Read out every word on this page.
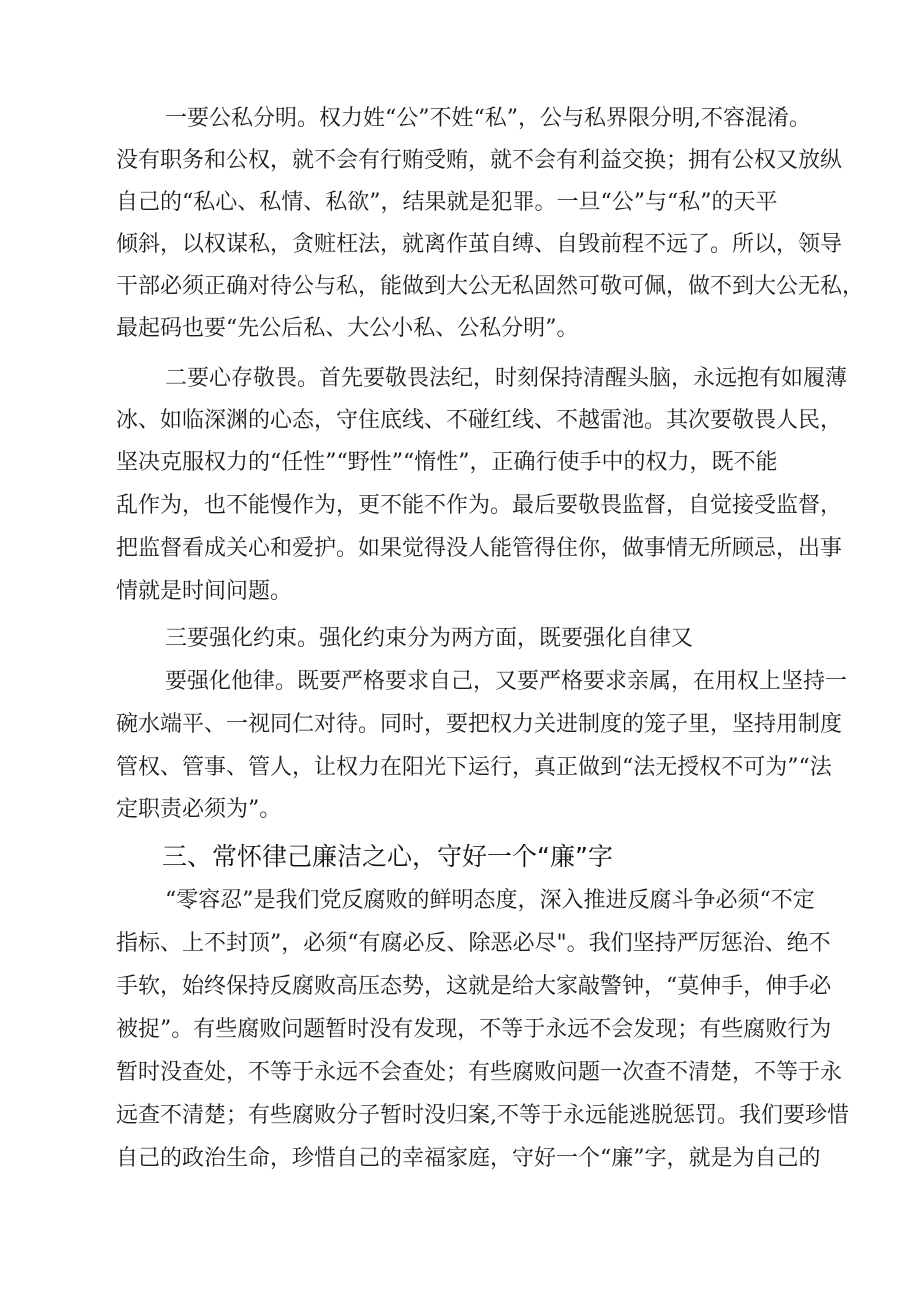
一要公私分明。权力姓“公”不姓“私”，公与私界限分明,不容混淆。
没有职务和公权，就不会有行贿受贿，就不会有利益交换；拥有公权又放纵
自己的“私心、私情、私欲”，结果就是犯罪。一旦“公”与“私”的天平
倾斜，以权谋私，贪赃枉法，就离作茧自缚、自毁前程不远了。所以，领导
干部必须正确对待公与私，能做到大公无私固然可敬可佩，做不到大公无私，
最起码也要“先公后私、大公小私、公私分明”。
二要心存敬畏。首先要敬畏法纪，时刻保持清醒头脑，永远抱有如履薄
冰、如临深渊的心态，守住底线、不碰红线、不越雷池。其次要敬畏人民，
坚决克服权力的“任性”“野性”“惰性”，正确行使手中的权力，既不能
乱作为，也不能慢作为，更不能不作为。最后要敬畏监督，自觉接受监督，
把监督看成关心和爱护。如果觉得没人能管得住你，做事情无所顾忌，出事
情就是时间问题。
三要强化约束。强化约束分为两方面，既要强化自律又
要强化他律。既要严格要求自己，又要严格要求亲属，在用权上坚持一
碗水端平、一视同仁对待。同时，要把权力关进制度的笼子里，坚持用制度
管权、管事、管人，让权力在阳光下运行，真正做到“法无授权不可为”“法
定职责必须为”。
三、常怀律己廉洁之心，守好一个“廉”字
“零容忍”是我们党反腐败的鲜明态度，深入推进反腐斗争必须“不定
指标、上不封顶”，必须“有腐必反、除恶必尽"。我们坚持严厉惩治、绝不
手软，始终保持反腐败高压态势，这就是给大家敲警钟，“莫伸手，伸手必
被捉”。有些腐败问题暂时没有发现，不等于永远不会发现；有些腐败行为
暂时没查处，不等于永远不会查处；有些腐败问题一次查不清楚，不等于永
远查不清楚；有些腐败分子暂时没归案,不等于永远能逃脱惩罚。我们要珍惜
自己的政治生命，珍惜自己的幸福家庭，守好一个“廉”字，就是为自己的
